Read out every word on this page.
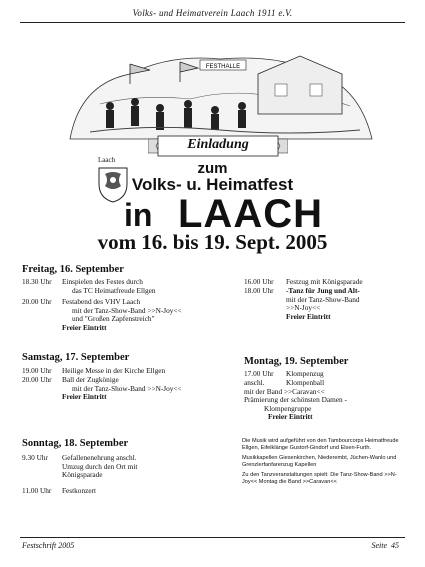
Volks- und Heimatverein Laach 1911 e.V.
FESTHALLE
Einladung
Laach	zum
Volks- u. Heimatfest
in LAACH
vom 16. bis 19. Sept. 2005
Freitag, 16. September
18.30 Uhr	Einspielen des Festes durch
das TC Heimatfreude Ellgen
20.00 Uhr	Festabend des VHV Laach
mit der Tanz-Show-Band >>N-Joy<<
und "Großen Zapfenstreich"
Freier Eintritt
16.00 Uhr	Festzug mit Königsparade
18.00 Uhr	-Tanz für Jung und Alt-
mit der Tanz-Show-Band
>>N-Joy<<
Freier Eintritt
Samstag, 17. September
19.00 Uhr	Heilige Messe in der Kirche Ellgen
20.00 Uhr	Ball der Zugkönige
mit der Tanz-Show-Band >>N-Joy<<
Freier Eintritt
Montag, 19. September
17.00 Uhr	Klompenzug
anschl.	Klompenball
mit der Band >>Caravan<<
Prämierung der schönsten Damen -
Klompengruppe
Freier Eintritt
Sonntag, 18. September
9.30 Uhr	Gefallenenehrung anschl.
Umzug durch den Ort mit
Königsparade
11.00 Uhr	Festkonzert

Die Musik wird aufgeführt von den Tambourcorps Heimatfreude Ellgen, Eifelklänge Gustorf-Gindorf und Elsen-Furth.

Musikkapellen Giesenkirchen, Niederembt, Jüchen-Wanlo und Grenzlerfanfarenzug Kapellen

Zu den Tanzveranstaltungen spielt: Die Tanz-Show-Band >>N-Joy<< Montag die Band >>Caravan<<

Festschrift 2005	Seite 45
